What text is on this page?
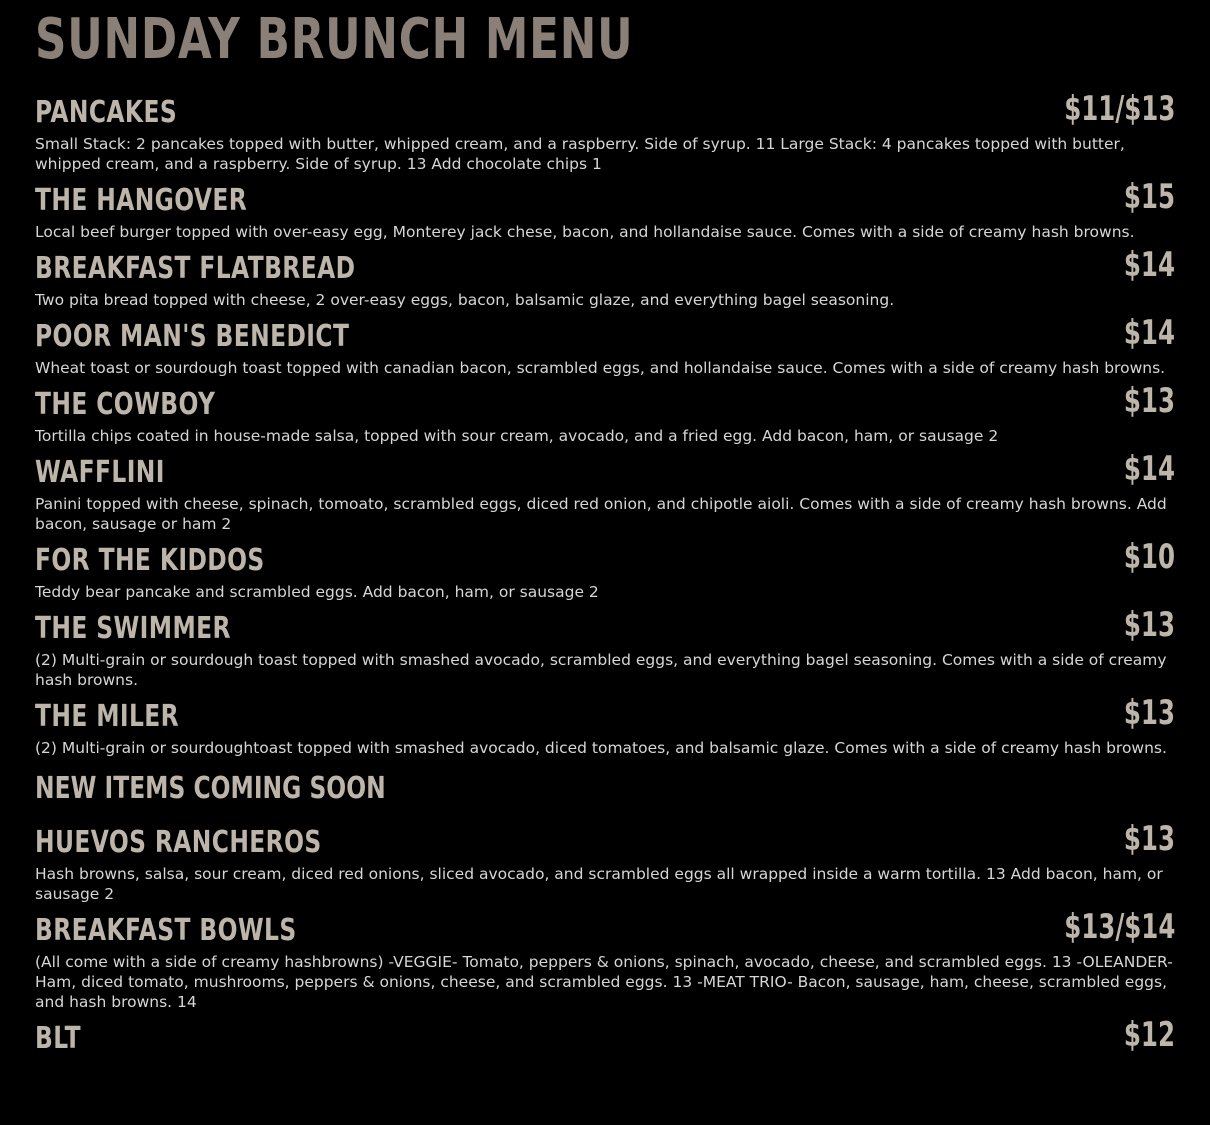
SUNDAY BRUNCH MENU
PANCAKES	$11/$13

Small Stack: 2 pancakes topped with butter, whipped cream, and a raspberry. Side of syrup. 11 Large Stack: 4 pancakes topped with butter, whipped cream, and a raspberry. Side of syrup. 13 Add chocolate chips 1

THE HANGOVER	$15

Local beef burger topped with over-easy egg, Monterey jack chese, bacon, and hollandaise sauce. Comes with a side of creamy hash browns.

BREAKFAST FLATBREAD	$14

Two pita bread topped with cheese, 2 over-easy eggs, bacon, balsamic glaze, and everything bagel seasoning.

POOR MAN'S BENEDICT	$14

Wheat toast or sourdough toast topped with canadian bacon, scrambled eggs, and hollandaise sauce. Comes with a side of creamy hash browns.

THE COWBOY	$13

Tortilla chips coated in house-made salsa, topped with sour cream, avocado, and a fried egg. Add bacon, ham, or sausage 2

WAFFLINI	$14

Panini topped with cheese, spinach, tomoato, scrambled eggs, diced red onion, and chipotle aioli. Comes with a side of creamy hash browns. Add bacon, sausage or ham 2

FOR THE KIDDOS	$10

Teddy bear pancake and scrambled eggs. Add bacon, ham, or sausage 2

THE SWIMMER	$13

(2) Multi-grain or sourdough toast topped with smashed avocado, scrambled eggs, and everything bagel seasoning. Comes with a side of creamy hash browns.

THE MILER	$13

(2) Multi-grain or sourdoughtoast topped with smashed avocado, diced tomatoes, and balsamic glaze. Comes with a side of creamy hash browns.

NEW ITEMS COMING SOON
HUEVOS RANCHEROS	$13

Hash browns, salsa, sour cream, diced red onions, sliced avocado, and scrambled eggs all wrapped inside a warm tortilla. 13 Add bacon, ham, or sausage 2

BREAKFAST BOWLS	$13/$14

(All come with a side of creamy hashbrowns) -VEGGIE- Tomato, peppers & onions, spinach, avocado, cheese, and scrambled eggs. 13 -OLEANDER- Ham, diced tomato, mushrooms, peppers & onions, cheese, and scrambled eggs. 13 -MEAT TRIO- Bacon, sausage, ham, cheese, scrambled eggs, and hash browns. 14

BLT	$12
